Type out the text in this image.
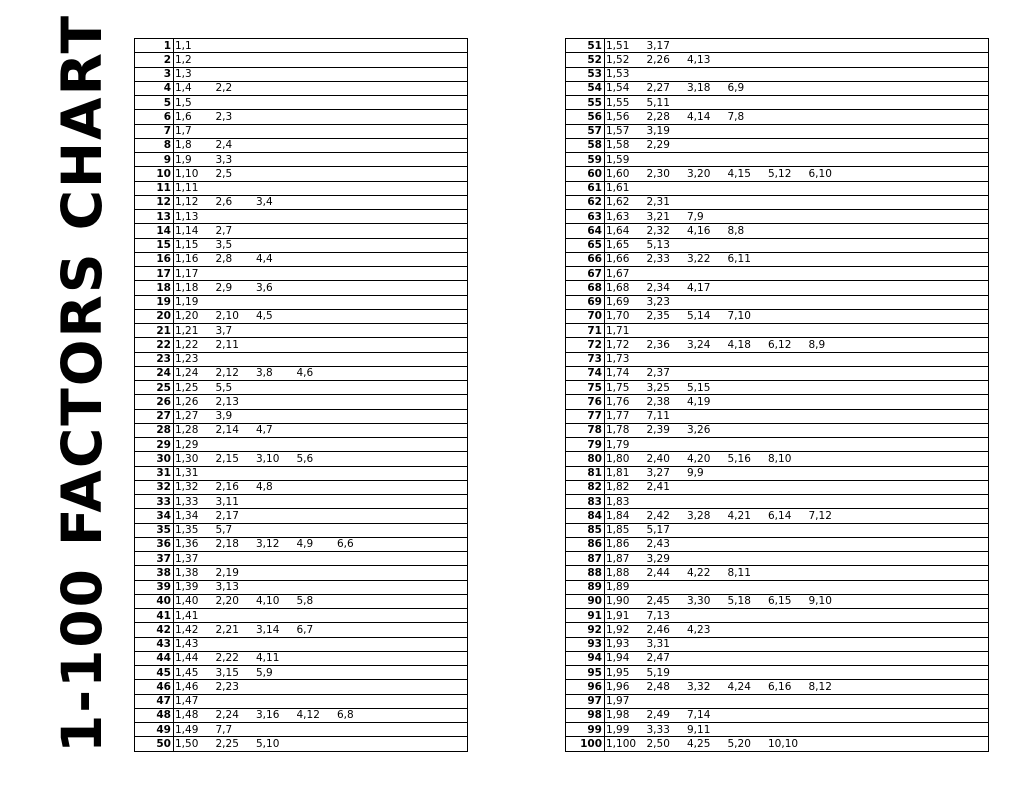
1-100 FACTORS CHART	1	1,1
2	1,2
3	1,3
4	1,4 2,2
5	1,5
6	1,6 2,3
7	1,7
8	1,8 2,4
9	1,9 3,3
10	1,10 2,5
11	1,11
12	1,12 2,6 3,4
13	1,13
14	1,14 2,7
15	1,15 3,5
16	1,16 2,8 4,4
17	1,17
18	1,18 2,9 3,6
19	1,19
20	1,20 2,10 4,5
21	1,21 3,7
22	1,22 2,11
23	1,23
24	1,24 2,12 3,8 4,6
25	1,25 5,5
26	1,26 2,13
27	1,27 3,9
28	1,28 2,14 4,7
29	1,29
30	1,30 2,15 3,10 5,6
31	1,31
32	1,32 2,16 4,8
33	1,33 3,11
34	1,34 2,17
35	1,35 5,7
36	1,36 2,18 3,12 4,9 6,6
37	1,37
38	1,38 2,19
39	1,39 3,13
40	1,40 2,20 4,10 5,8
41	1,41
42	1,42 2,21 3,14 6,7
43	1,43
44	1,44 2,22 4,11
45	1,45 3,15 5,9
46	1,46 2,23
47	1,47
48	1,48 2,24 3,16 4,12 6,8
49	1,49 7,7
50	1,50 2,25 5,10
51	1,51 3,17
52	1,52 2,26 4,13
53	1,53
54	1,54 2,27 3,18 6,9
55	1,55 5,11
56	1,56 2,28 4,14 7,8
57	1,57 3,19
58	1,58 2,29
59	1,59
60	1,60 2,30 3,20 4,15 5,12 6,10
61	1,61
62	1,62 2,31
63	1,63 3,21 7,9
64	1,64 2,32 4,16 8,8
65	1,65 5,13
66	1,66 2,33 3,22 6,11
67	1,67
68	1,68 2,34 4,17
69	1,69 3,23
70	1,70 2,35 5,14 7,10
71	1,71
72	1,72 2,36 3,24 4,18 6,12 8,9
73	1,73
74	1,74 2,37
75	1,75 3,25 5,15
76	1,76 2,38 4,19
77	1,77 7,11
78	1,78 2,39 3,26
79	1,79
80	1,80 2,40 4,20 5,16 8,10
81	1,81 3,27 9,9
82	1,82 2,41
83	1,83
84	1,84 2,42 3,28 4,21 6,14 7,12
85	1,85 5,17
86	1,86 2,43
87	1,87 3,29
88	1,88 2,44 4,22 8,11
89	1,89
90	1,90 2,45 3,30 5,18 6,15 9,10
91	1,91 7,13
92	1,92 2,46 4,23
93	1,93 3,31
94	1,94 2,47
95	1,95 5,19
96	1,96 2,48 3,32 4,24 6,16 8,12
97	1,97
98	1,98 2,49 7,14
99	1,99 3,33 9,11
100	1,100 2,50 4,25 5,20 10,10
